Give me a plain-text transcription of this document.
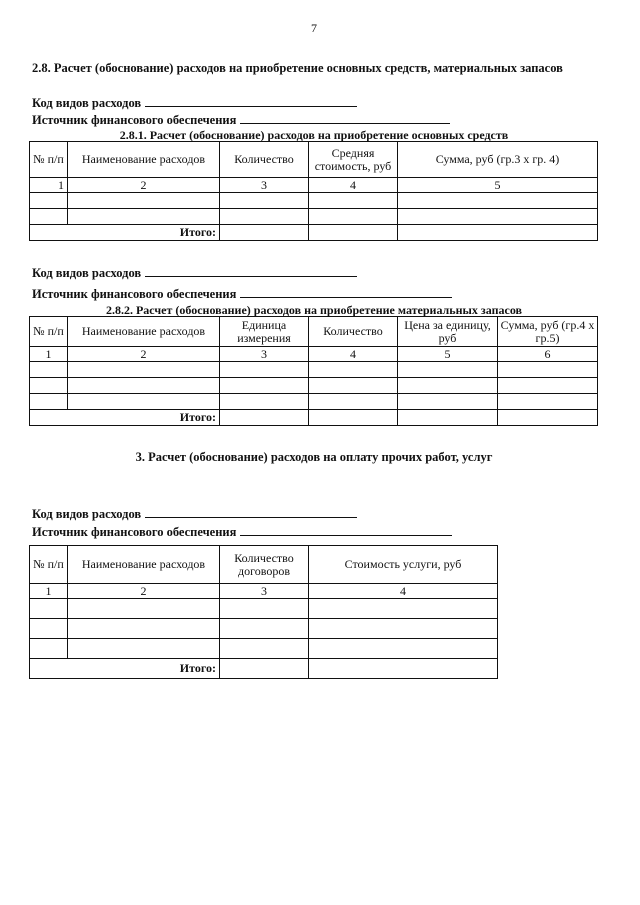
7
2.8. Расчет (обоснование) расходов на приобретение основных средств, материальных запасов
Код видов расходов
Источник финансового обеспечения
2.8.1. Расчет (обоснование) расходов на приобретение основных средств
№ п/п	Наименование расходов	Количество	Средняя стоимость, руб	Сумма, руб (гр.3 х гр. 4)
1	2	3	4	5

Итого:				
Код видов расходов
Источник финансового обеспечения
2.8.2. Расчет (обоснование) расходов на приобретение материальных запасов
№ п/п	Наименование расходов	Единица измерения	Количество	Цена за единицу, руб	Сумма, руб (гр.4 х гр.5)
1	2	3	4	5	6

Итого:					
3. Расчет (обоснование) расходов на оплату прочих работ, услуг
Код видов расходов
Источник финансового обеспечения
№ п/п	Наименование расходов	Количество договоров	Стоимость услуги, руб
1	2	3	4

Итого:			
